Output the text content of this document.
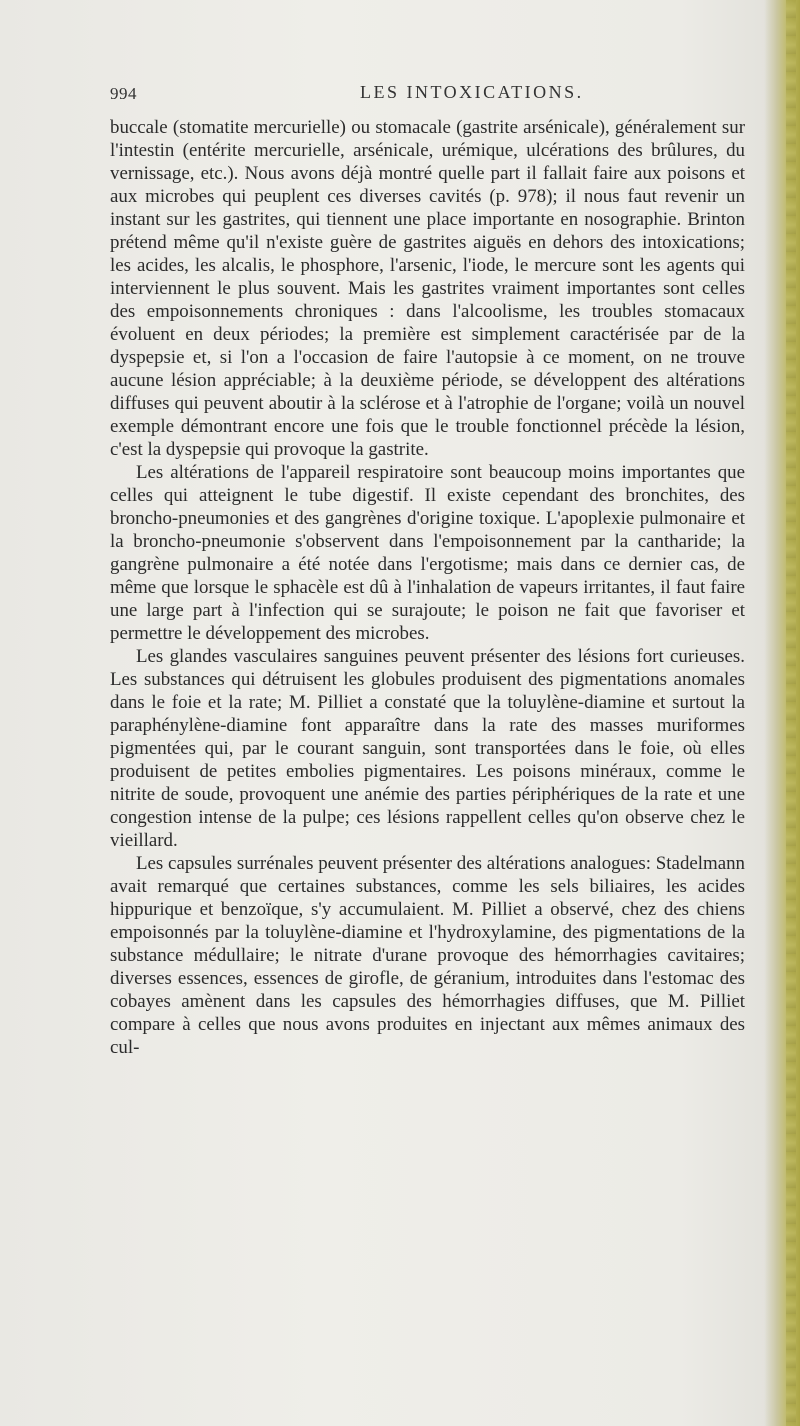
994	LES INTOXICATIONS.

buccale (stomatite mercurielle) ou stomacale (gastrite arsénicale), généralement sur l'intestin (entérite mercurielle, arsénicale, urémique, ulcérations des brûlures, du vernissage, etc.). Nous avons déjà montré quelle part il fallait faire aux poisons et aux microbes qui peuplent ces diverses cavités (p. 978); il nous faut revenir un instant sur les gastrites, qui tiennent une place importante en nosographie. Brinton prétend même qu'il n'existe guère de gastrites aiguës en dehors des intoxications; les acides, les alcalis, le phosphore, l'arsenic, l'iode, le mercure sont les agents qui interviennent le plus souvent. Mais les gastrites vraiment importantes sont celles des empoisonnements chroniques : dans l'alcoolisme, les troubles stomacaux évoluent en deux périodes; la première est simplement caractérisée par de la dyspepsie et, si l'on a l'occasion de faire l'autopsie à ce moment, on ne trouve aucune lésion appréciable; à la deuxième période, se développent des altérations diffuses qui peuvent aboutir à la sclérose et à l'atrophie de l'organe; voilà un nouvel exemple démontrant encore une fois que le trouble fonctionnel précède la lésion, c'est la dyspepsie qui provoque la gastrite.

Les altérations de l'appareil respiratoire sont beaucoup moins importantes que celles qui atteignent le tube digestif. Il existe cependant des bronchites, des broncho-pneumonies et des gangrènes d'origine toxique. L'apoplexie pulmonaire et la broncho-pneumonie s'observent dans l'empoisonnement par la cantharide; la gangrène pulmonaire a été notée dans l'ergotisme; mais dans ce dernier cas, de même que lorsque le sphacèle est dû à l'inhalation de vapeurs irritantes, il faut faire une large part à l'infection qui se surajoute; le poison ne fait que favoriser et permettre le développement des microbes.

Les glandes vasculaires sanguines peuvent présenter des lésions fort curieuses. Les substances qui détruisent les globules produisent des pigmentations anomales dans le foie et la rate; M. Pilliet a constaté que la toluylène-diamine et surtout la paraphénylène-diamine font apparaître dans la rate des masses muriformes pigmentées qui, par le courant sanguin, sont transportées dans le foie, où elles produisent de petites embolies pigmentaires. Les poisons minéraux, comme le nitrite de soude, provoquent une anémie des parties périphériques de la rate et une congestion intense de la pulpe; ces lésions rappellent celles qu'on observe chez le vieillard.

Les capsules surrénales peuvent présenter des altérations analogues: Stadelmann avait remarqué que certaines substances, comme les sels biliaires, les acides hippurique et benzoïque, s'y accumulaient. M. Pilliet a observé, chez des chiens empoisonnés par la toluylène-diamine et l'hydroxylamine, des pigmentations de la substance médullaire; le nitrate d'urane provoque des hémorrhagies cavitaires; diverses essences, essences de girofle, de géranium, introduites dans l'estomac des cobayes amènent dans les capsules des hémorrhagies diffuses, que M. Pilliet compare à celles que nous avons produites en injectant aux mêmes animaux des cul-
